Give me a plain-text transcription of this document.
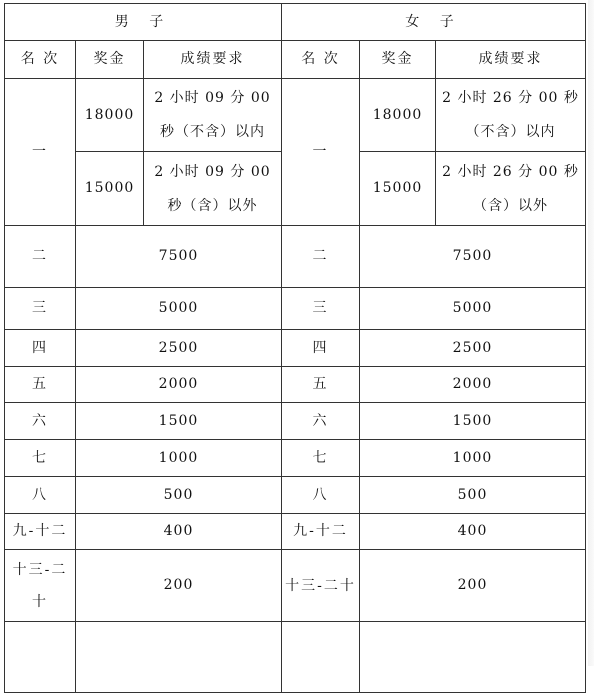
男 子			女 子		
名 次	奖金	成绩要求	名 次	奖金	成绩要求
一	18000	2 小时 09 分 00 秒（不含）以内	一	18000	2 小时 26 分 00 秒（不含）以内
	15000	2 小时 09 分 00 秒（含）以外		15000	2 小时 26 分 00 秒（含）以外
二	7500		二	7500	
三	5000		三	5000	
四	2500		四	2500	
五	2000		五	2000	
六	1500		六	1500	
七	1000		七	1000	
八	500		八	500	
九-十二	400		九-十二	400	
十三-二十	200		十三-二十	200	
